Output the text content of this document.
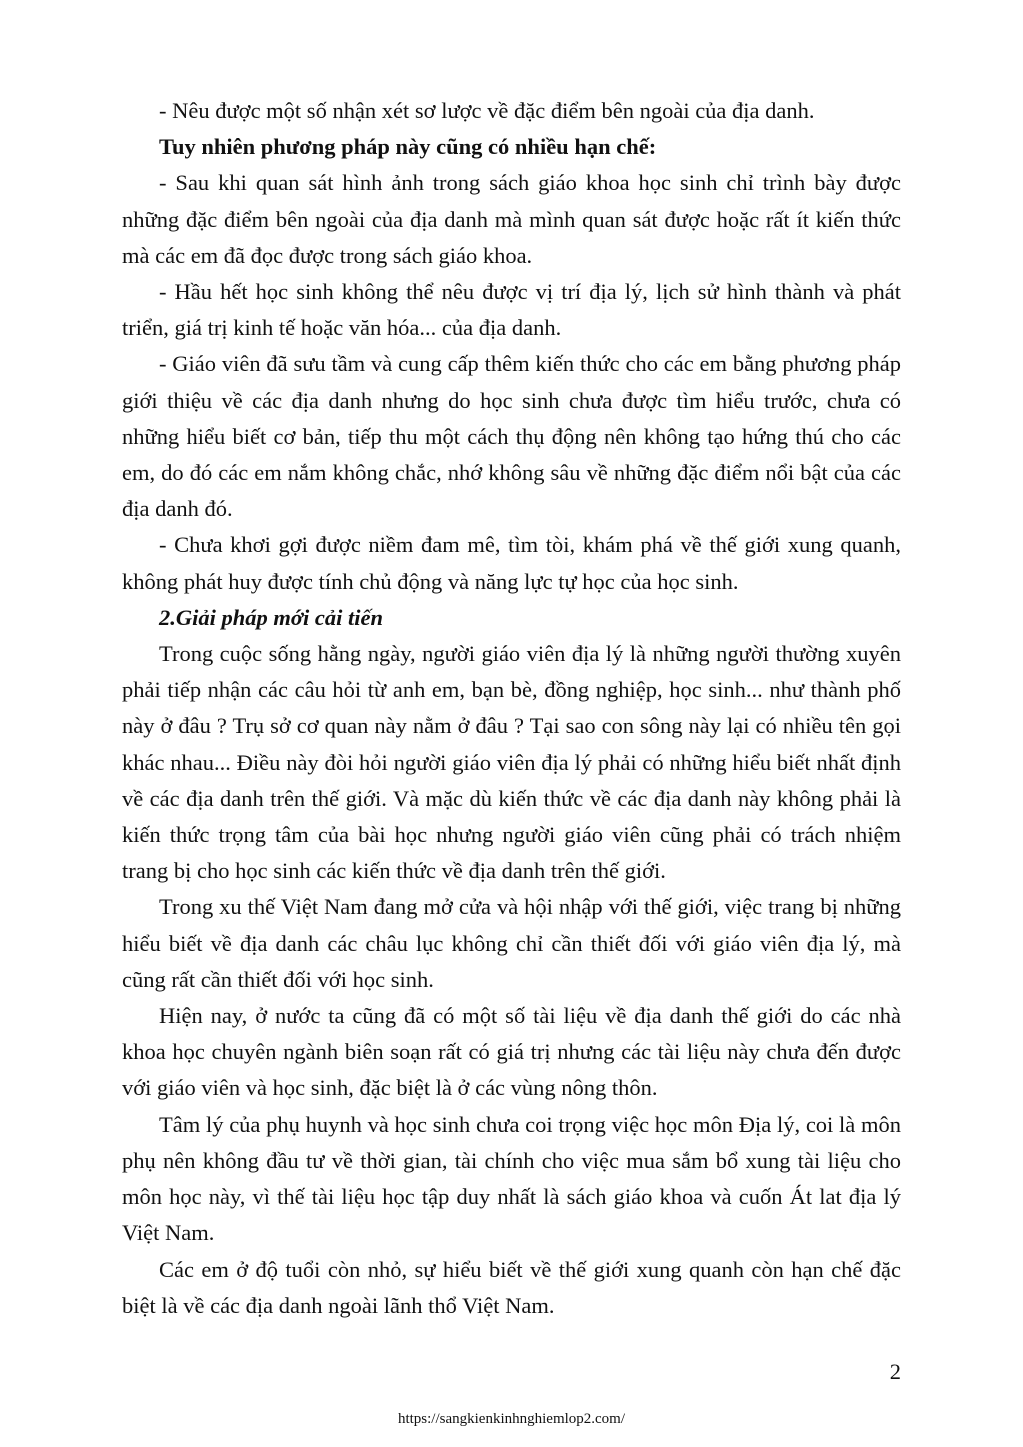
- Nêu được một số nhận xét sơ lược về đặc điểm bên ngoài của địa danh.

Tuy nhiên phương pháp này cũng có nhiều hạn chế:

- Sau khi quan sát hình ảnh trong sách giáo khoa học sinh chỉ trình bày được những đặc điểm bên ngoài của địa danh mà mình quan sát được hoặc rất ít kiến thức mà các em đã đọc được trong sách giáo khoa.

- Hầu hết học sinh không thể nêu được vị trí địa lý, lịch sử hình thành và phát triển, giá trị kinh tế hoặc văn hóa... của địa danh.

- Giáo viên đã sưu tầm và cung cấp thêm kiến thức cho các em bằng phương pháp giới thiệu về các địa danh nhưng do học sinh chưa được tìm hiểu trước, chưa có những hiểu biết cơ bản, tiếp thu một cách thụ động nên không tạo hứng thú cho các em, do đó các em nắm không chắc, nhớ không sâu về những đặc điểm nổi bật của các địa danh đó.

- Chưa khơi gợi được niềm đam mê, tìm tòi, khám phá về thế giới xung quanh, không phát huy được tính chủ động và năng lực tự học của học sinh.

2.Giải pháp mới cải tiến

Trong cuộc sống hằng ngày, người giáo viên địa lý là những người thường xuyên phải tiếp nhận các câu hỏi từ anh em, bạn bè, đồng nghiệp, học sinh... như thành phố này ở đâu ? Trụ sở cơ quan này nằm ở đâu ? Tại sao con sông này lại có nhiều tên gọi khác nhau... Điều này đòi hỏi người giáo viên địa lý phải có những hiểu biết nhất định về các địa danh trên thế giới. Và mặc dù kiến thức về các địa danh này không phải là kiến thức trọng tâm của bài học nhưng người giáo viên cũng phải có trách nhiệm trang bị cho học sinh các kiến thức về địa danh trên thế giới.

Trong xu thế Việt Nam đang mở cửa và hội nhập với thế giới, việc trang bị những hiểu biết về địa danh các châu lục không chỉ cần thiết đối với giáo viên địa lý, mà cũng rất cần thiết đối với học sinh.

Hiện nay, ở nước ta cũng đã có một số tài liệu về địa danh thế giới do các nhà khoa học chuyên ngành biên soạn rất có giá trị nhưng các tài liệu này chưa đến được với giáo viên và học sinh, đặc biệt là ở các vùng nông thôn.

Tâm lý của phụ huynh và học sinh chưa coi trọng việc học môn Địa lý, coi là môn phụ nên không đầu tư về thời gian, tài chính cho việc mua sắm bổ xung tài liệu cho môn học này, vì thế tài liệu học tập duy nhất là sách giáo khoa và cuốn Át lat địa lý Việt Nam.

Các em ở độ tuổi còn nhỏ, sự hiểu biết về thế giới xung quanh còn hạn chế đặc biệt là về các địa danh ngoài lãnh thổ Việt Nam.

2
https://sangkienkinhnghiemlop2.com/
